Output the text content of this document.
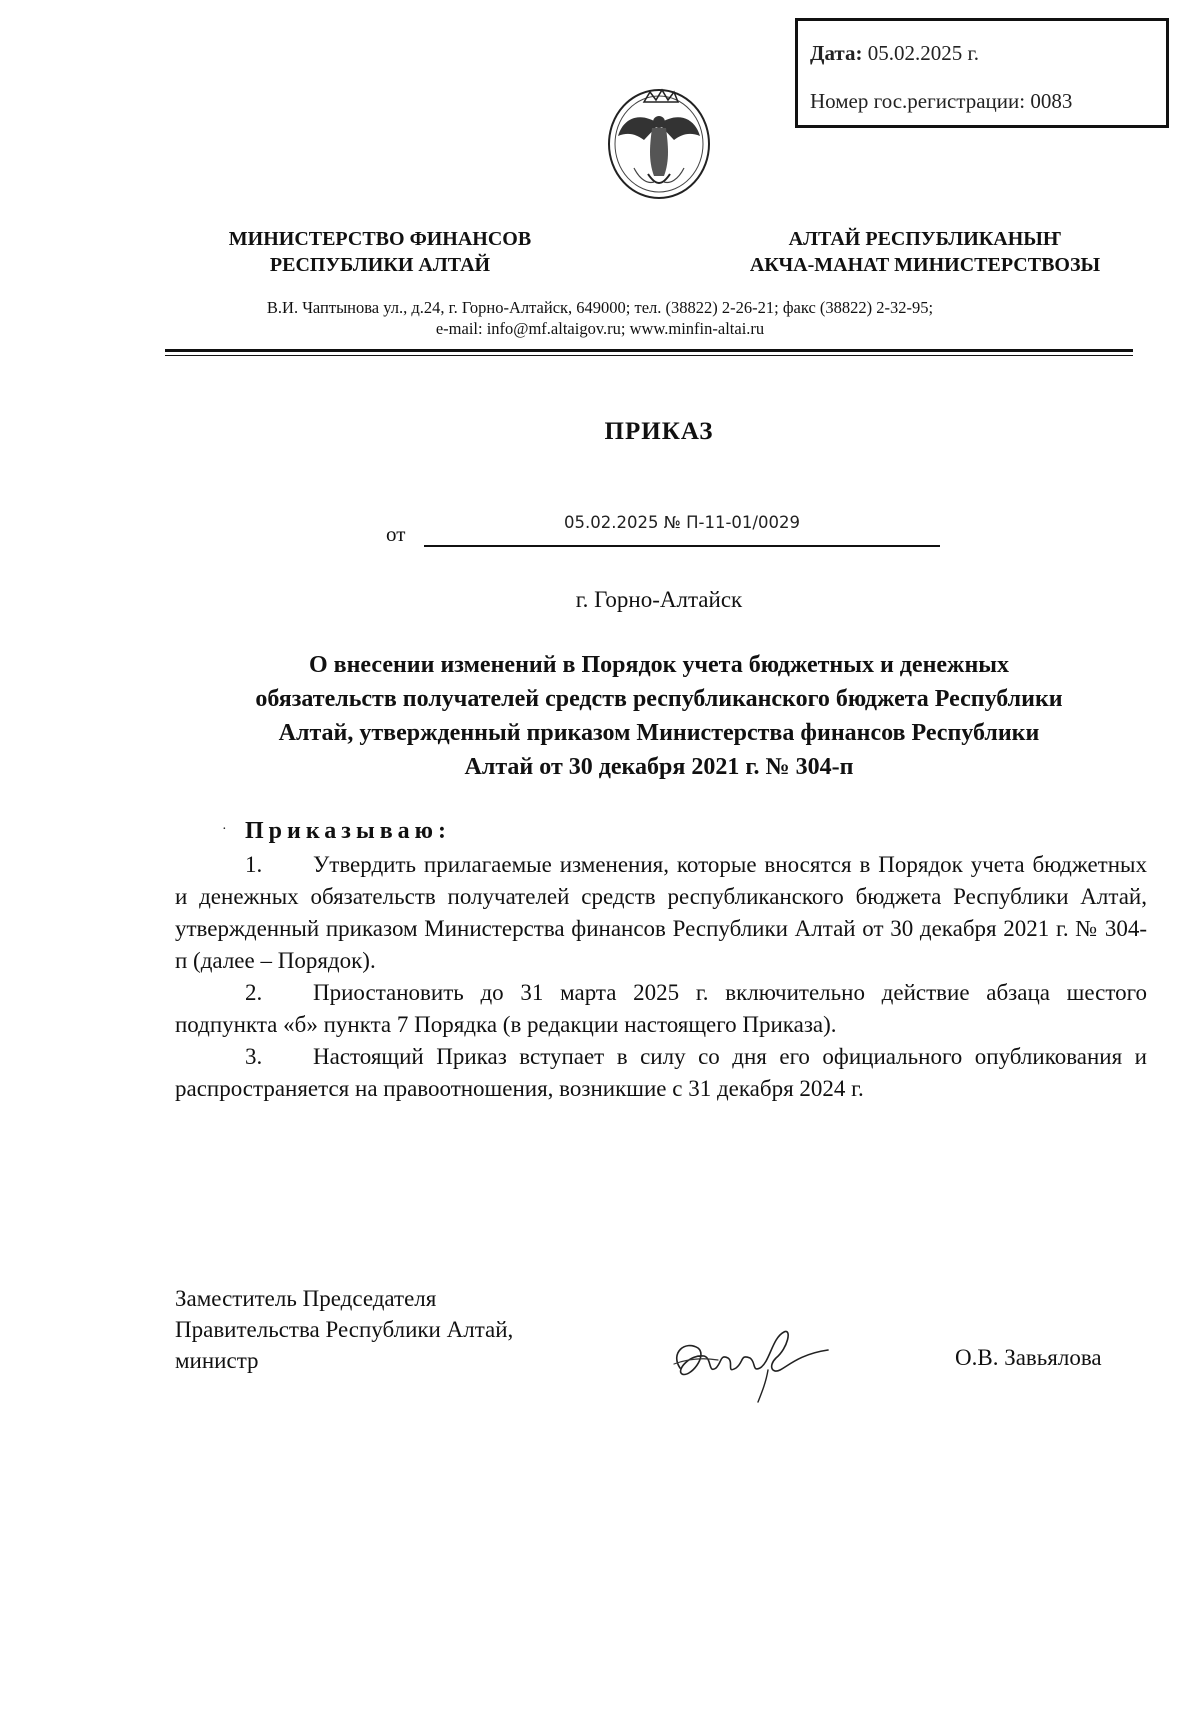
Дата: 05.02.2025 г.
Номер гос.регистрации: 0083
МИНИСТЕРСТВО ФИНАНСОВ
РЕСПУБЛИКИ АЛТАЙ
АЛТАЙ РЕСПУБЛИКАНЫҤ
АКЧА-МАНАТ МИНИСТЕРСТВОЗЫ
В.И. Чаптынова ул., д.24, г. Горно-Алтайск, 649000; тел. (38822) 2-26-21; факс (38822) 2-32-95;
e-mail: info@mf.altaigov.ru; www.minfin-altai.ru
ПРИКАЗ
от	05.02.2025 № П-11-01/0029
г. Горно-Алтайск
О внесении изменений в Порядок учета бюджетных и денежных
обязательств получателей средств республиканского бюджета Республики
Алтай, утвержденный приказом Министерства финансов Республики
Алтай от 30 декабря 2021 г. № 304-п
· Приказываю:

1. Утвердить прилагаемые изменения, которые вносятся в Порядок учета бюджетных и денежных обязательств получателей средств республиканского бюджета Республики Алтай, утвержденный приказом Министерства финансов Республики Алтай от 30 декабря 2021 г. № 304-п (далее – Порядок).

2. Приостановить до 31 марта 2025 г. включительно действие абзаца шестого подпункта «б» пункта 7 Порядка (в редакции настоящего Приказа).

3. Настоящий Приказ вступает в силу со дня его официального опубликования и распространяется на правоотношения, возникшие с 31 декабря 2024 г.

Заместитель Председателя
Правительства Республики Алтай,
министр	О.В. Завьялова
